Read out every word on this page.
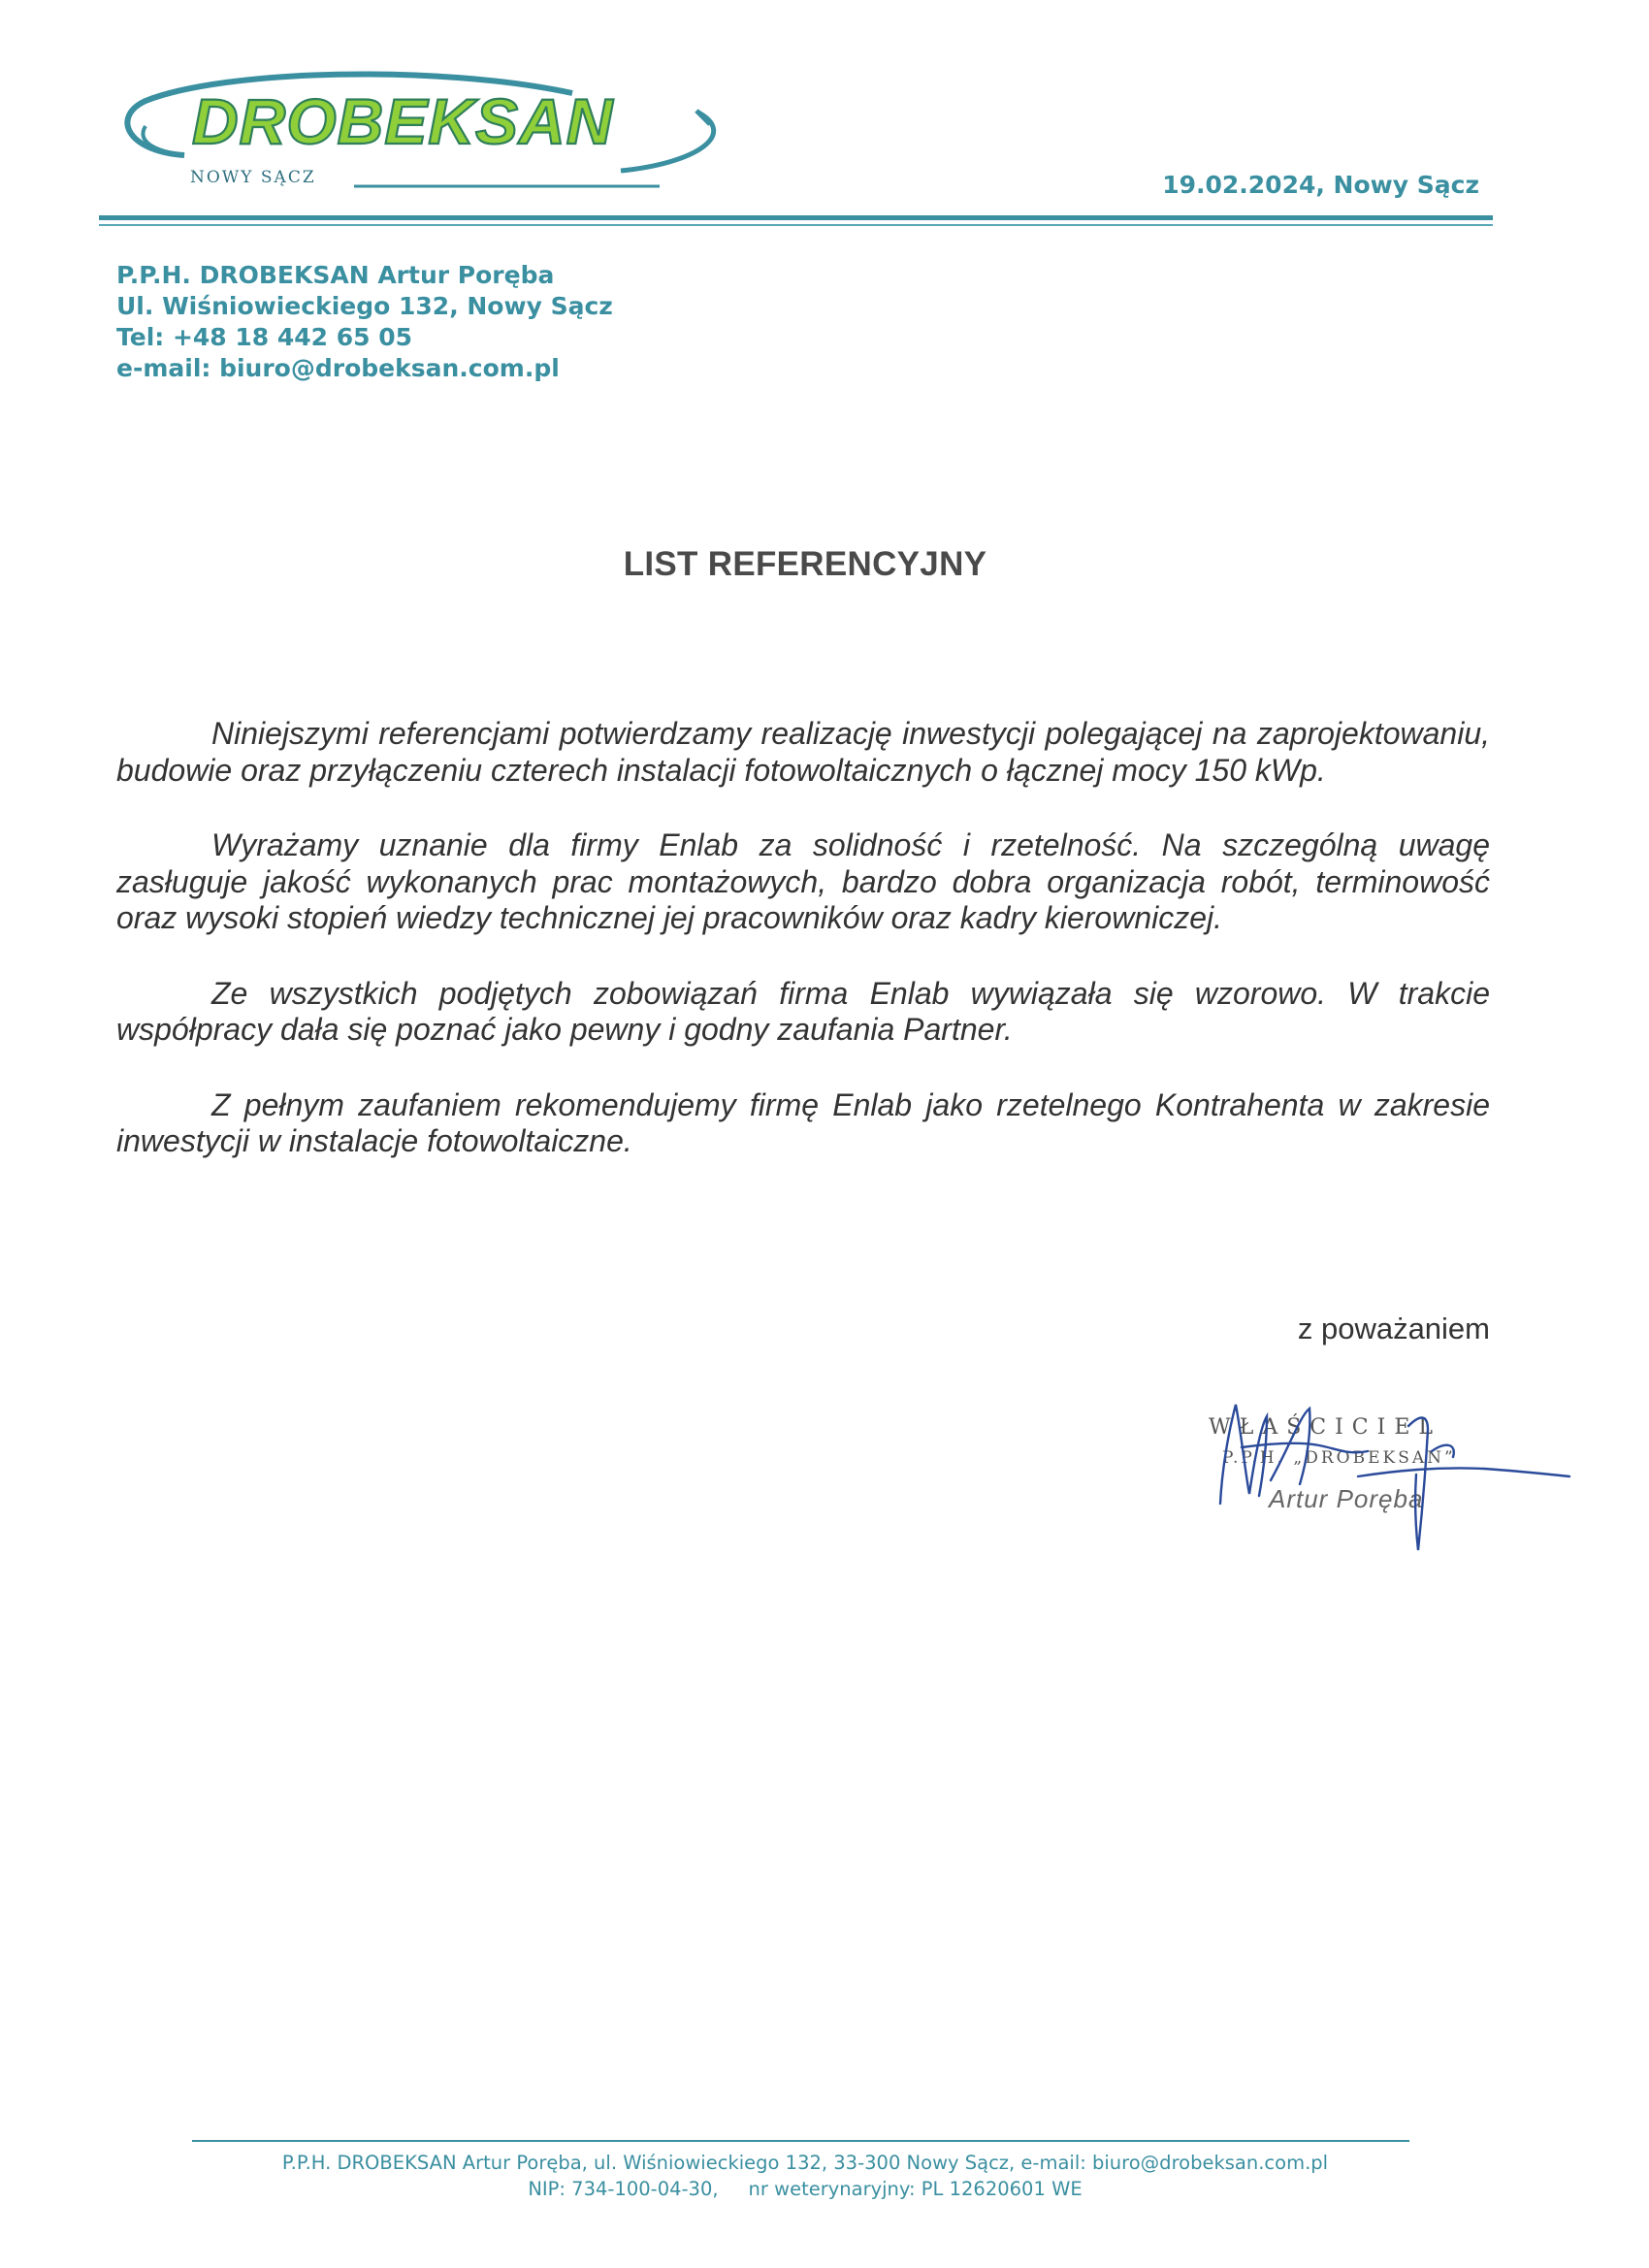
DROBEKSAN
NOWY SĄCZ	19.02.2024, Nowy Sącz
P.P.H. DROBEKSAN Artur Poręba
Ul. Wiśniowieckiego 132, Nowy Sącz
Tel: +48 18 442 65 05
e-mail: biuro@drobeksan.com.pl
LIST REFERENCYJNY

Niniejszymi referencjami potwierdzamy realizację inwestycji polegającej na zaprojektowaniu, budowie oraz przyłączeniu czterech instalacji fotowoltaicznych o łącznej mocy 150 kWp.

Wyrażamy uznanie dla firmy Enlab za solidność i rzetelność. Na szczególną uwagę zasługuje jakość wykonanych prac montażowych, bardzo dobra organizacja robót, terminowość oraz wysoki stopień wiedzy technicznej jej pracowników oraz kadry kierowniczej.

Ze wszystkich podjętych zobowiązań firma Enlab wywiązała się wzorowo. W trakcie współpracy dała się poznać jako pewny i godny zaufania Partner.

Z pełnym zaufaniem rekomendujemy firmę Enlab jako rzetelnego Kontrahenta w zakresie inwestycji w instalacje fotowoltaiczne.

z poważaniem
WŁAŚCICIEL
P.P.H. „DROBEKSAN”
Artur Poręba
P.P.H. DROBEKSAN Artur Poręba, ul. Wiśniowieckiego 132, 33-300 Nowy Sącz, e-mail: biuro@drobeksan.com.pl
NIP: 734-100-04-30,     nr weterynaryjny: PL 12620601 WE
